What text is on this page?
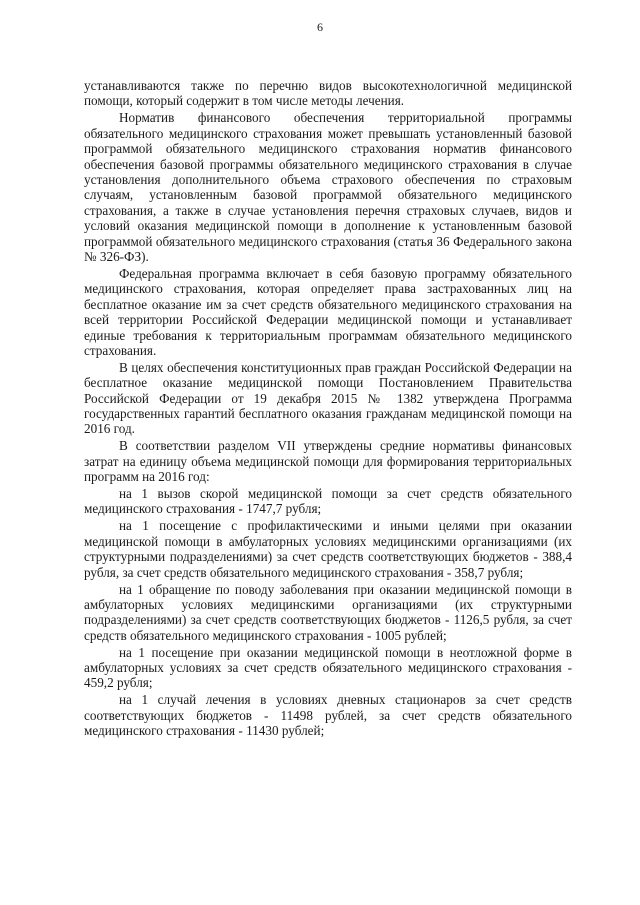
6

устанавливаются также по перечню видов высокотехнологичной медицинской помощи, который содержит в том числе методы лечения.

Норматив финансового обеспечения территориальной программы обязательного медицинского страхования может превышать установленный базовой программой обязательного медицинского страхования норматив финансового обеспечения базовой программы обязательного медицинского страхования в случае установления дополнительного объема страхового обеспечения по страховым случаям, установленным базовой программой обязательного медицинского страхования, а также в случае установления перечня страховых случаев, видов и условий оказания медицинской помощи в дополнение к установленным базовой программой обязательного медицинского страхования (статья 36 Федерального закона № 326-ФЗ).

Федеральная программа включает в себя базовую программу обязательного медицинского страхования, которая определяет права застрахованных лиц на бесплатное оказание им за счет средств обязательного медицинского страхования на всей территории Российской Федерации медицинской помощи и устанавливает единые требования к территориальным программам обязательного медицинского страхования.

В целях обеспечения конституционных прав граждан Российской Федерации на бесплатное оказание медицинской помощи Постановлением Правительства Российской Федерации от 19 декабря 2015 № 1382 утверждена Программа государственных гарантий бесплатного оказания гражданам медицинской помощи на 2016 год.

В соответствии разделом VII утверждены средние нормативы финансовых затрат на единицу объема медицинской помощи для формирования территориальных программ на 2016 год:

на 1 вызов скорой медицинской помощи за счет средств обязательного медицинского страхования - 1747,7 рубля;

на 1 посещение с профилактическими и иными целями при оказании медицинской помощи в амбулаторных условиях медицинскими организациями (их структурными подразделениями) за счет средств соответствующих бюджетов - 388,4 рубля, за счет средств обязательного медицинского страхования - 358,7 рубля;

на 1 обращение по поводу заболевания при оказании медицинской помощи в амбулаторных условиях медицинскими организациями (их структурными подразделениями) за счет средств соответствующих бюджетов - 1126,5 рубля, за счет средств обязательного медицинского страхования - 1005 рублей;

на 1 посещение при оказании медицинской помощи в неотложной форме в амбулаторных условиях за счет средств обязательного медицинского страхования - 459,2 рубля;

на 1 случай лечения в условиях дневных стационаров за счет средств соответствующих бюджетов - 11498 рублей, за счет средств обязательного медицинского страхования - 11430 рублей;
